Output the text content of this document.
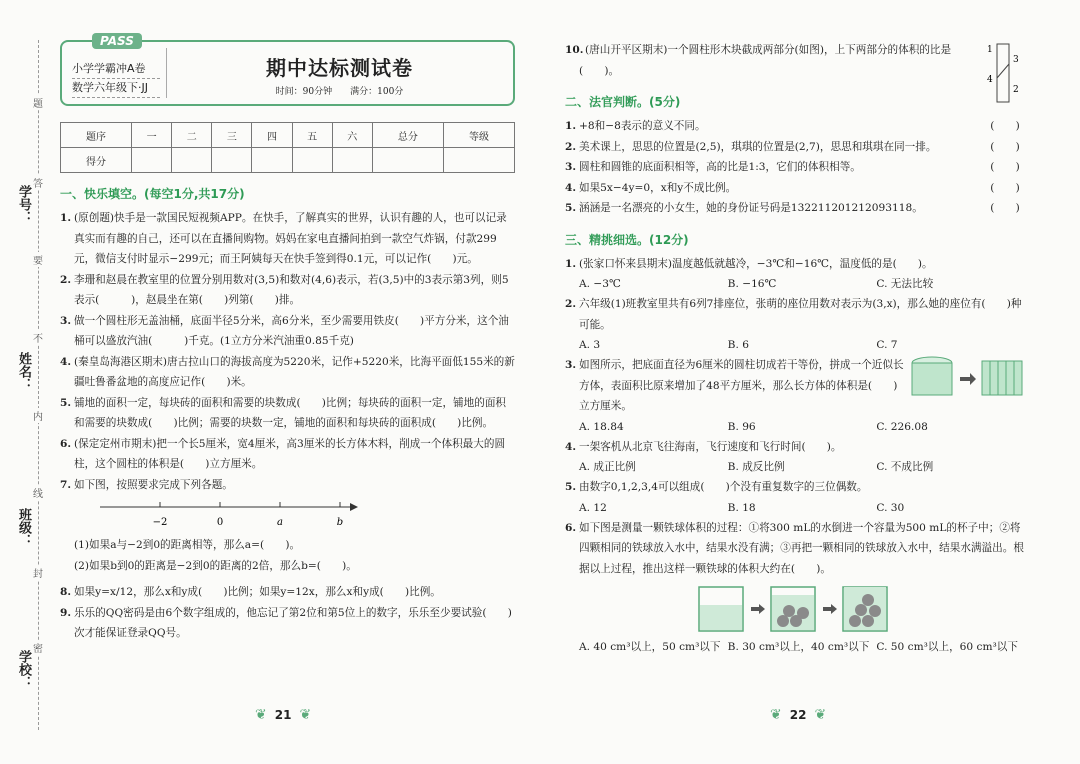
学号：
姓名：
班级：
学校：
题
答
要
不
内
线
封
密
PASS
小学学霸冲A卷
数学六年级下·JJ
期中达标测试卷
时间：90分钟　　满分：100分
题序	一	二	三	四	五	六	总分	等级
得分								
一、快乐填空。(每空1分,共17分)
1. (原创题)快手是一款国民短视频APP。在快手，了解真实的世界，认识有趣的人，也可以记录真实而有趣的自己，还可以在直播间购物。妈妈在家电直播间拍到一款空气炸锅，付款299元，微信支付时显示−299元；而王阿姨每天在快手签到得0.1元，可以记作(　　)元。
2. 李珊和赵晨在教室里的位置分别用数对(3,5)和数对(4,6)表示，若(3,5)中的3表示第3列，则5表示(　　　)，赵晨坐在第(　　)列第(　　)排。
3. 做一个圆柱形无盖油桶，底面半径5分米，高6分米，至少需要用铁皮(　　)平方分米，这个油桶可以盛放汽油(　　　)千克。(1立方分米汽油重0.85千克)
4. (秦皇岛海港区期末)唐古拉山口的海拔高度为5220米，记作+5220米，比海平面低155米的新疆吐鲁番盆地的高度应记作(　　)米。
5. 铺地的面积一定，每块砖的面积和需要的块数成(　　)比例；每块砖的面积一定，铺地的面积和需要的块数成(　　)比例；需要的块数一定，铺地的面积和每块砖的面积成(　　)比例。
6. (保定定州市期末)把一个长5厘米，宽4厘米，高3厘米的长方体木料，削成一个体积最大的圆柱，这个圆柱的体积是(　　)立方厘米。
7. 如下图，按照要求完成下列各题。
−2	0	a	b
(1)如果a与−2到0的距离相等，那么a=(　　)。
(2)如果b到0的距离是−2到0的距离的2倍，那么b=(　　)。
8. 如果y=x/12，那么x和y成(　　)比例；如果y=12x，那么x和y成(　　)比例。
9. 乐乐的QQ密码是由6个数字组成的，他忘记了第2位和第5位上的数字，乐乐至少要试验(　　)次才能保证登录QQ号。
❦ 21 ❦
10. (唐山开平区期末)一个圆柱形木块截成两部分(如图)，上下两部分的体积的比是(　　)。
1
3
4
2
二、法官判断。(5分)
1. +8和−8表示的意义不同。	(　　)
2. 美术课上，思思的位置是(2,5)，琪琪的位置是(2,7)，思思和琪琪在同一排。	(　　)
3. 圆柱和圆锥的底面积相等，高的比是1:3，它们的体积相等。	(　　)
4. 如果5x−4y=0，x和y不成比例。	(　　)
5. 涵涵是一名漂亮的小女生，她的身份证号码是132211201212093118。	(　　)
三、精挑细选。(12分)
1. (张家口怀来县期末)温度越低就越冷，−3℃和−16℃，温度低的是(　　)。
A. −3℃	B. −16℃	C. 无法比较
2. 六年级(1)班教室里共有6列7排座位，张萌的座位用数对表示为(3,x)，那么她的座位有(　　)种可能。
A. 3	B. 6	C. 7
3. 如图所示，把底面直径为6厘米的圆柱切成若干等份，拼成一个近似长方体，表面积比原来增加了48平方厘米，那么长方体的体积是(　　)立方厘米。
A. 18.84	B. 96	C. 226.08
4. 一架客机从北京飞往海南，飞行速度和飞行时间(　　)。
A. 成正比例	B. 成反比例	C. 不成比例
5. 由数字0,1,2,3,4可以组成(　　)个没有重复数字的三位偶数。
A. 12	B. 18	C. 30
6. 如下图是测量一颗铁球体积的过程：①将300 mL的水倒进一个容量为500 mL的杯子中；②将四颗相同的铁球放入水中，结果水没有满；③再把一颗相同的铁球放入水中，结果水满溢出。根据以上过程，推出这样一颗铁球的体积大约在(　　)。
A. 40 cm³以上，50 cm³以下 B. 30 cm³以上，40 cm³以下 C. 50 cm³以上，60 cm³以下
❦ 22 ❦
